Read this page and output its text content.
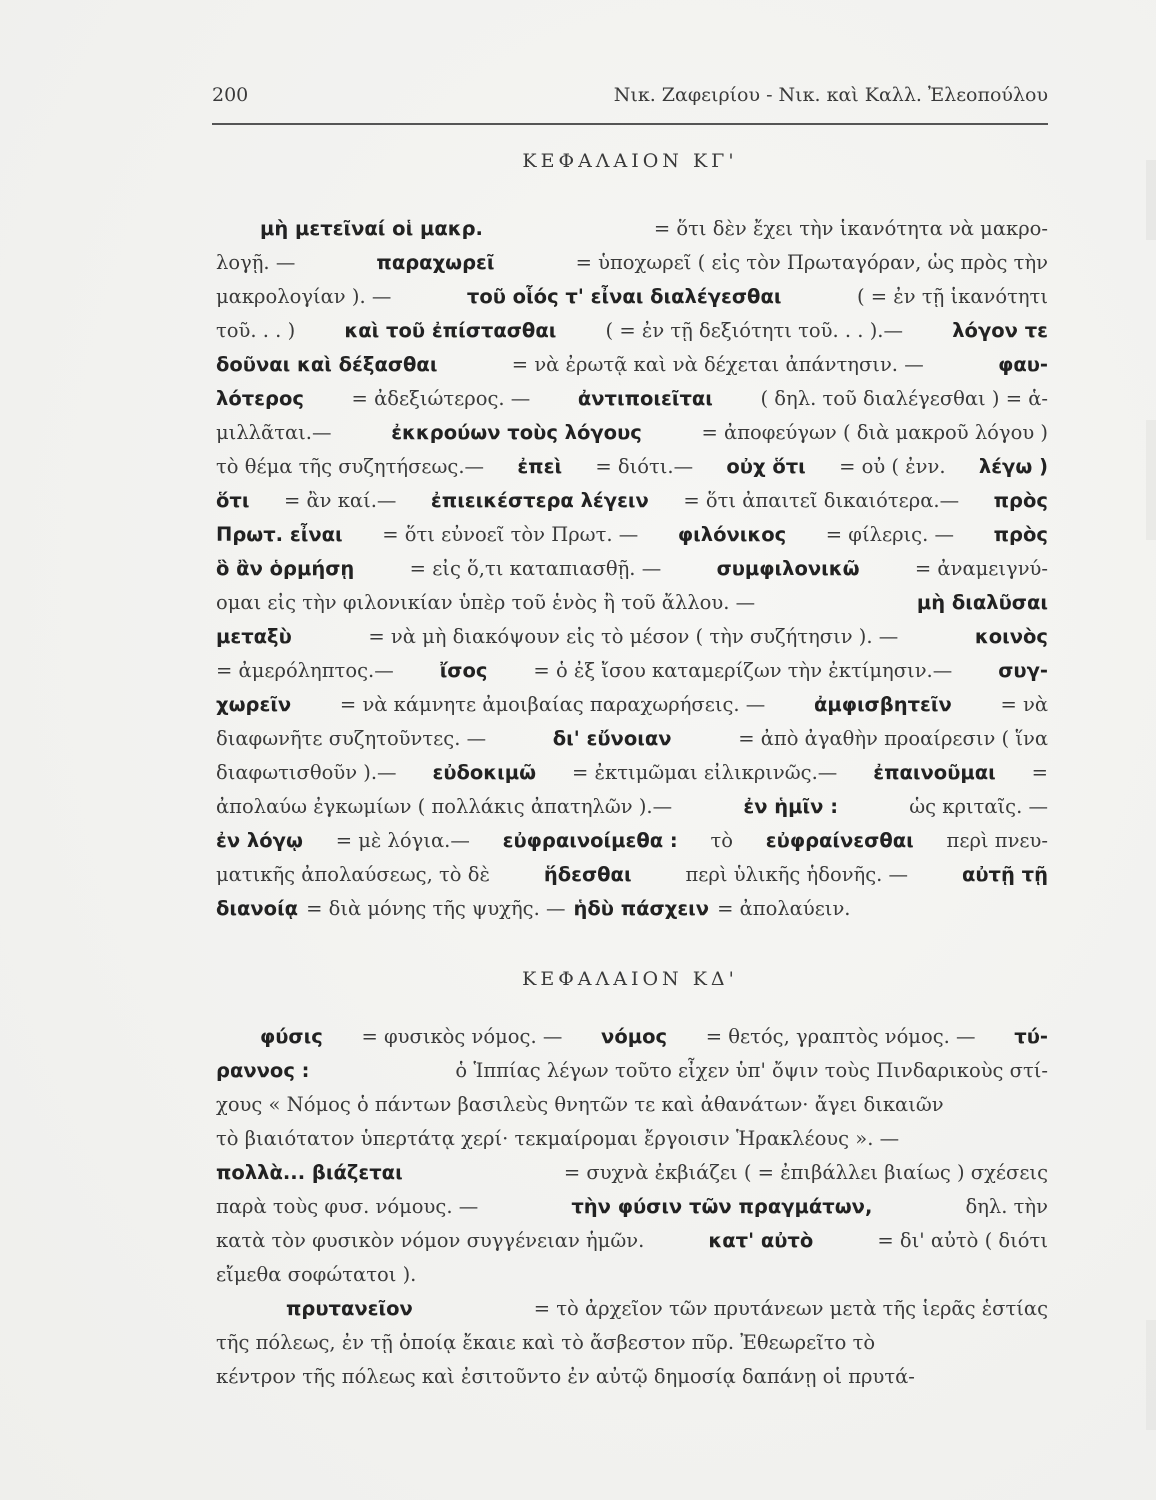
200	Νικ. Ζαφειρίου - Νικ. καὶ Καλλ. Ἐλεοπούλου
ΚΕΦΑΛΑΙΟΝ ΚΓ'
μὴ μετεῖναί οἱ μακρ.	= ὅτι δὲν ἔχει τὴν ἱκανότητα νὰ μακρο-
λογῇ. —	παραχωρεῖ	= ὑποχωρεῖ ( εἰς τὸν Πρωταγόραν, ὡς πρὸς τὴν
μακρολογίαν ). —	τοῦ οἷός τ' εἶναι διαλέγεσθαι	( = ἐν τῇ ἱκανότητι
τοῦ. . . )	καὶ τοῦ ἐπίστασθαι	( = ἐν τῇ δεξιότητι τοῦ. . . ).—	λόγον τε
δοῦναι καὶ δέξασθαι	= νὰ ἐρωτᾷ καὶ νὰ δέχεται ἀπάντησιν. —	φαυ-
λότερος = ἀδεξιώτερος. — ἀντιποιεῖται ( δηλ. τοῦ διαλέγεσθαι ) = ἁ-
μιλλᾶται.—	ἐκκρούων τοὺς λόγους	= ἀποφεύγων ( διὰ μακροῦ λόγου )
τὸ θέμα τῆς συζητήσεως.— ἐπεὶ = διότι.— οὐχ ὅτι = οὐ ( ἐνν. λέγω )
ὅτι = ἂν καί.— ἐπιεικέστερα λέγειν = ὅτι ἀπαιτεῖ δικαιότερα.— πρὸς
Πρωτ. εἶναι = ὅτι εὐνοεῖ τὸν Πρωτ. — φιλόνικος = φίλερις. — πρὸς
ὃ ἂν ὁρμήσῃ	= εἰς ὅ,τι καταπιασθῇ. —	συμφιλονικῶ	= ἀναμειγνύ-
ομαι εἰς τὴν φιλονικίαν ὑπὲρ τοῦ ἑνὸς ἢ τοῦ ἄλλου. —	μὴ διαλῦσαι
μεταξὺ	= νὰ μὴ διακόψουν εἰς τὸ μέσον ( τὴν συζήτησιν ). —	κοινὸς
= ἀμερόληπτος.— ἴσος = ὁ ἐξ ἴσου καταμερίζων τὴν ἐκτίμησιν.— συγ-
χωρεῖν = νὰ κάμνητε ἀμοιβαίας παραχωρήσεις. — ἀμφισβητεῖν = νὰ
διαφωνῆτε συζητοῦντες. —	δι' εὔνοιαν	= ἀπὸ ἀγαθὴν προαίρεσιν ( ἵνα
διαφωτισθοῦν ).— εὐδοκιμῶ = ἐκτιμῶμαι εἰλικρινῶς.— ἐπαινοῦμαι =
ἀπολαύω ἐγκωμίων ( πολλάκις ἀπατηλῶν ).—	ἐν ἡμῖν :	ὡς κριταῖς. —
ἐν λόγῳ = μὲ λόγια.— εὐφραινοίμεθα : τὸ εὐφραίνεσθαι περὶ πνευ-
ματικῆς ἀπολαύσεως, τὸ δὲ	ἥδεσθαι	περὶ ὑλικῆς ἡδονῆς. —	αὐτῇ τῇ
διανοίᾳ = διὰ μόνης τῆς ψυχῆς. — ἡδὺ πάσχειν = ἀπολαύειν.
ΚΕΦΑΛΑΙΟΝ ΚΔ'
φύσις = φυσικὸς νόμος. — νόμος = θετός, γραπτὸς νόμος. — τύ-
ραννος :	ὁ Ἱππίας λέγων τοῦτο εἶχεν ὑπ' ὄψιν τοὺς Πινδαρικοὺς στί-
χους « Νόμος ὁ πάντων βασιλεὺς θνητῶν τε καὶ ἀθανάτων· ἄγει δικαιῶν
τὸ βιαιότατον ὑπερτάτᾳ χερί· τεκμαίρομαι ἔργοισιν Ἡρακλέους ». —
πολλὰ... βιάζεται	= συχνὰ ἐκβιάζει ( = ἐπιβάλλει βιαίως ) σχέσεις
παρὰ τοὺς φυσ. νόμους. —	τὴν φύσιν τῶν πραγμάτων,	δηλ. τὴν
κατὰ τὸν φυσικὸν νόμον συγγένειαν ἡμῶν.	κατ' αὐτὸ	= δι' αὐτὸ ( διότι
εἴμεθα σοφώτατοι ).
πρυτανεῖον	= τὸ ἀρχεῖον τῶν πρυτάνεων μετὰ τῆς ἱερᾶς ἑστίας
τῆς πόλεως, ἐν τῇ ὁποίᾳ ἔκαιε καὶ τὸ ἄσβεστον πῦρ. Ἐθεωρεῖτο τὸ
κέντρον τῆς πόλεως καὶ ἐσιτοῦντο ἐν αὐτῷ δημοσίᾳ δαπάνῃ οἱ πρυτά-
